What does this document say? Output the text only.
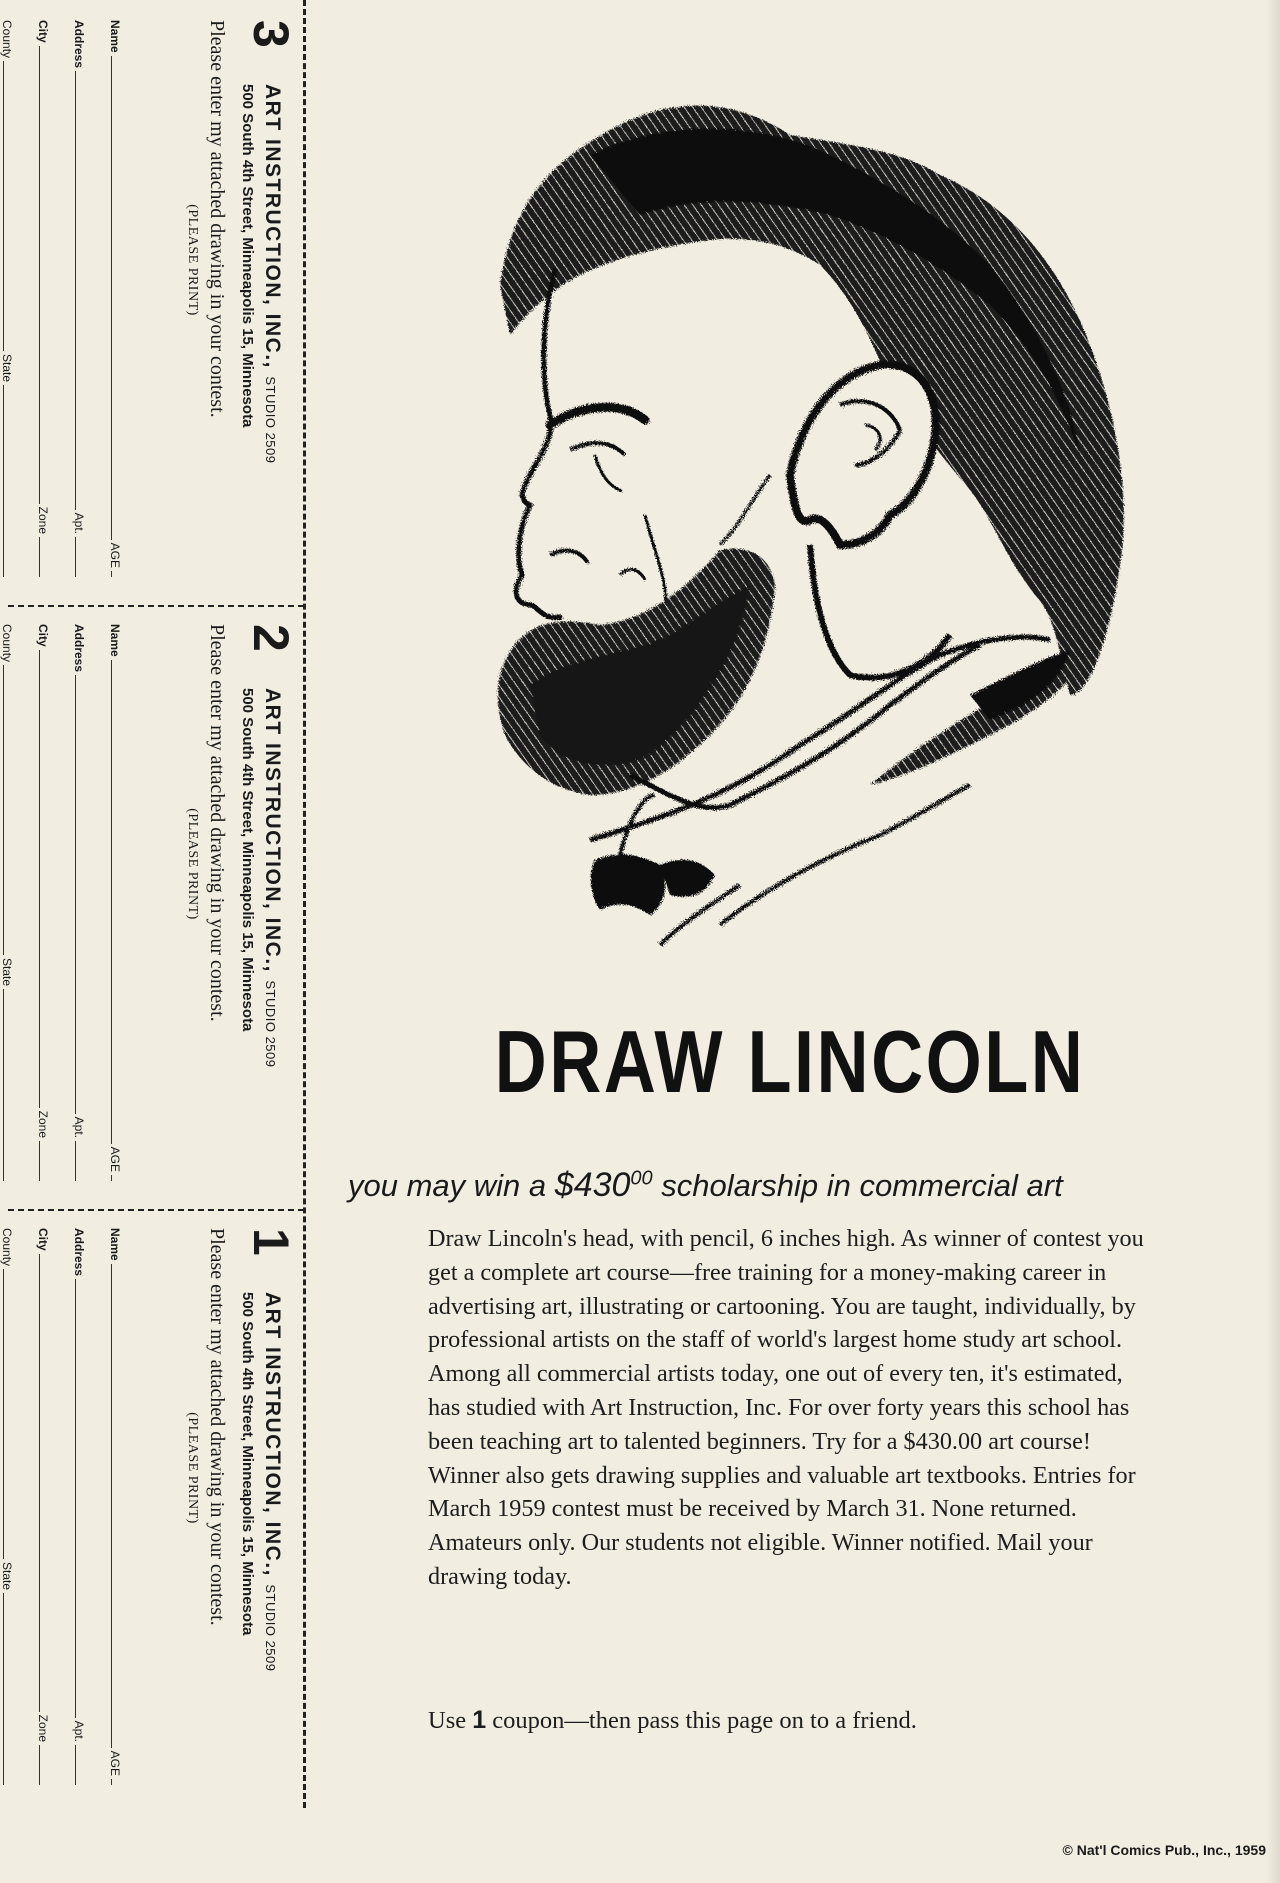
3
ART INSTRUCTION, INC., STUDIO 2509
500 South 4th Street, Minneapolis 15, Minnesota
Please enter my attached drawing in your contest.
(PLEASE PRINT)
Name
AGE
Address
Apt.
City
Zone
County
State
2
ART INSTRUCTION, INC., STUDIO 2509
500 South 4th Street, Minneapolis 15, Minnesota
Please enter my attached drawing in your contest.
(PLEASE PRINT)
Name
AGE
Address
Apt.
City
Zone
County
State
1
ART INSTRUCTION, INC., STUDIO 2509
500 South 4th Street, Minneapolis 15, Minnesota
Please enter my attached drawing in your contest.
(PLEASE PRINT)
Name
AGE
Address
Apt.
City
Zone
County
State
DRAW LINCOLN
you may win a $\$430^{00}$ scholarship in commercial art

Draw Lincoln's head, with pencil, 6 inches high. As winner of contest you get a complete art course—free training for a money-making career in advertising art, illustrating or cartooning. You are taught, individually, by professional artists on the staff of world's largest home study art school. Among all commercial artists today, one out of every ten, it's estimated, has studied with Art Instruction, Inc. For over forty years this school has been teaching art to talented beginners. Try for a $430.00 art course! Winner also gets drawing supplies and valuable art textbooks. Entries for March 1959 contest must be received by March 31. None returned. Amateurs only. Our students not eligible. Winner notified. Mail your drawing today.

Use 1 coupon—then pass this page on to a friend.
© Nat'l Comics Pub., Inc., 1959
